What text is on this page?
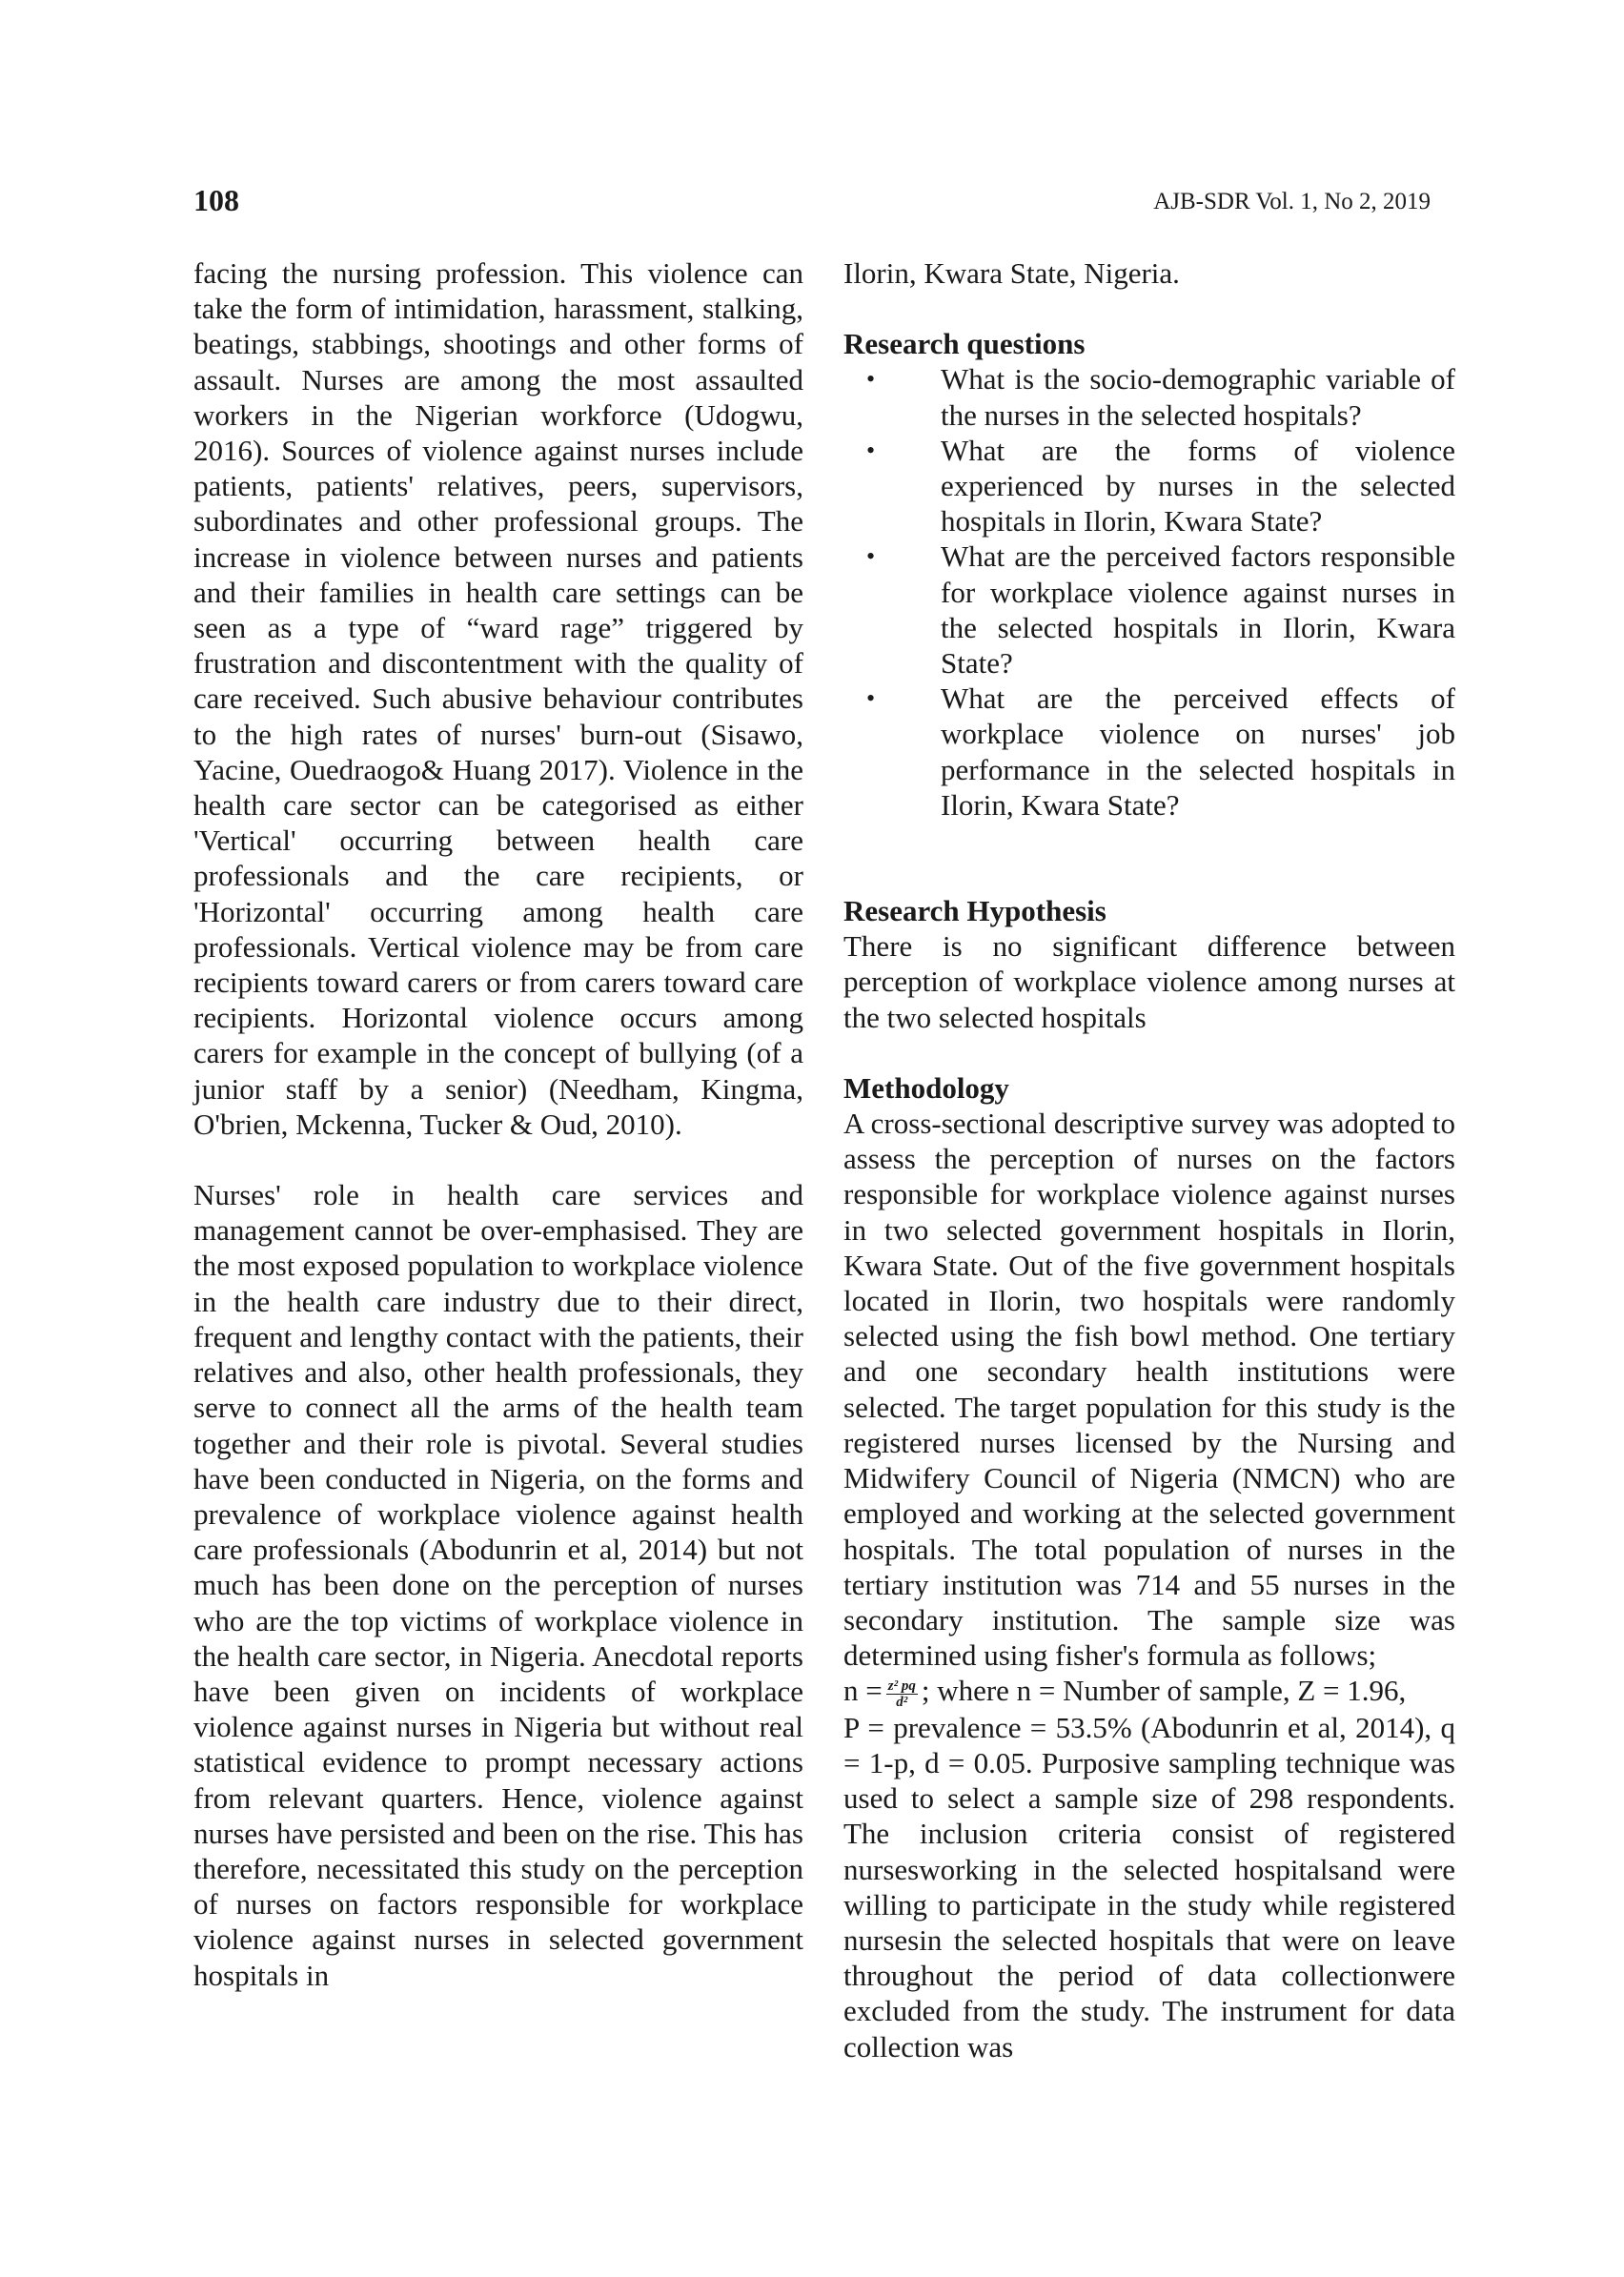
108	AJB-SDR Vol. 1, No 2, 2019

facing the nursing profession. This violence can take the form of intimidation, harassment, stalking, beatings, stabbings, shootings and other forms of assault. Nurses are among the most assaulted workers in the Nigerian workforce (Udogwu, 2016). Sources of violence against nurses include patients, patients' relatives, peers, supervisors, subordinates and other professional groups. The increase in violence between nurses and patients and their families in health care settings can be seen as a type of “ward rage” triggered by frustration and discontentment with the quality of care received. Such abusive behaviour contributes to the high rates of nurses' burn-out (Sisawo, Yacine, Ouedraogo& Huang 2017). Violence in the health care sector can be categorised as either 'Vertical' occurring between health care professionals and the care recipients, or 'Horizontal' occurring among health care professionals. Vertical violence may be from care recipients toward carers or from carers toward care recipients. Horizontal violence occurs among carers for example in the concept of bullying (of a junior staff by a senior) (Needham, Kingma, O'brien, Mckenna, Tucker & Oud, 2010).

Nurses' role in health care services and management cannot be over-emphasised. They are the most exposed population to workplace violence in the health care industry due to their direct, frequent and lengthy contact with the patients, their relatives and also, other health professionals, they serve to connect all the arms of the health team together and their role is pivotal. Several studies have been conducted in Nigeria, on the forms and prevalence of workplace violence against health care professionals (Abodunrin et al, 2014) but not much has been done on the perception of nurses who are the top victims of workplace violence in the health care sector, in Nigeria. Anecdotal reports have been given on incidents of workplace violence against nurses in Nigeria but without real statistical evidence to prompt necessary actions from relevant quarters. Hence, violence against nurses have persisted and been on the rise. This has therefore, necessitated this study on the perception of nurses on factors responsible for workplace violence against nurses in selected government hospitals in

Ilorin, Kwara State, Nigeria.

Research questions
•	What is the socio-demographic variable of the nurses in the selected hospitals?
•	What are the forms of violence experienced by nurses in the selected hospitals in Ilorin, Kwara State?
•	What are the perceived factors responsible for workplace violence against nurses in the selected hospitals in Ilorin, Kwara State?
•	What are the perceived effects of workplace violence on nurses' job performance in the selected hospitals in Ilorin, Kwara State?
Research Hypothesis

There is no significant difference between perception of workplace violence among nurses at the two selected hospitals

Methodology

A cross-sectional descriptive survey was adopted to assess the perception of nurses on the factors responsible for workplace violence against nurses in two selected government hospitals in Ilorin, Kwara State. Out of the five government hospitals located in Ilorin, two hospitals were randomly selected using the fish bowl method. One tertiary and one secondary health institutions were selected. The target population for this study is the registered nurses licensed by the Nursing and Midwifery Council of Nigeria (NMCN) who are employed and working at the selected government hospitals. The total population of nurses in the tertiary institution was 714 and 55 nurses in the secondary institution. The sample size was determined using fisher's formula as follows;

$n = \frac{\text{z² pq}}{\text{d²}}$ ; where n = Number of sample, Z = 1.96,

P = prevalence = 53.5% (Abodunrin et al, 2014), q = 1-p, d = 0.05. Purposive sampling technique was used to select a sample size of 298 respondents. The inclusion criteria consist of registered nursesworking in the selected hospitalsand were willing to participate in the study while registered nursesin the selected hospitals that were on leave throughout the period of data collectionwere excluded from the study. The instrument for data collection was
